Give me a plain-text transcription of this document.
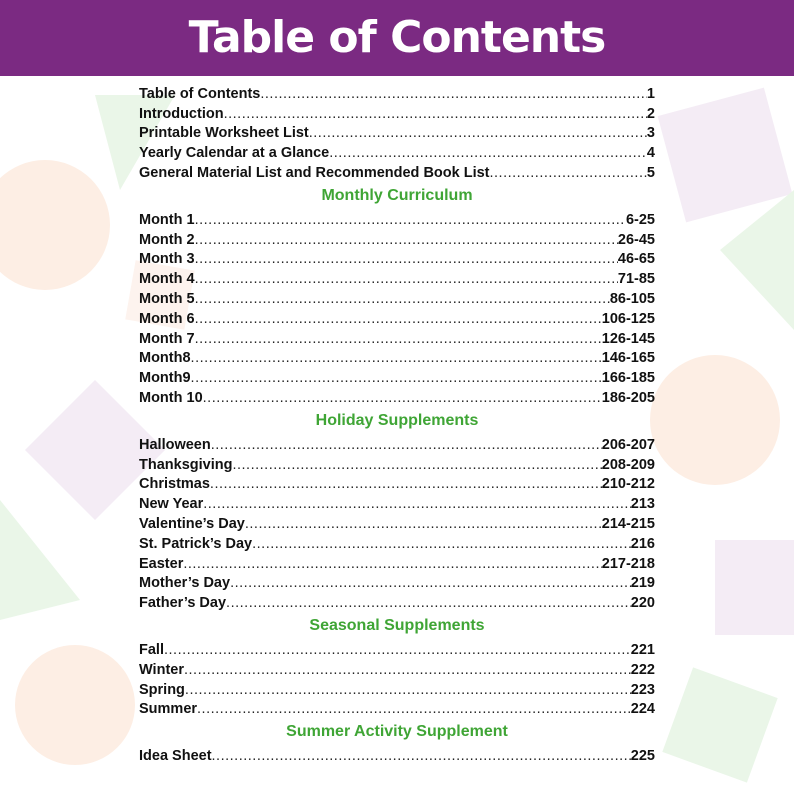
Table of Contents
Table of Contents .....	1
Introduction .....	2
Printable Worksheet List .....	3
Yearly Calendar at a Glance .....	4
General Material List and Recommended Book List .....	5
Monthly Curriculum
Month 1 .....	6-25
Month 2 .....	26-45
Month 3 .....	46-65
Month 4 .....	71-85
Month 5 .....	86-105
Month 6 .....	106-125
Month 7 .....	126-145
Month8 .....	146-165
Month9 .....	166-185
Month 10 .....	186-205
Holiday Supplements
Halloween .....	206-207
Thanksgiving .....	208-209
Christmas .....	210-212
New Year .....	213
Valentine’s Day .....	214-215
St. Patrick’s Day .....	216
Easter .....	217-218
Mother’s Day .....	219
Father’s Day .....	220
Seasonal Supplements
Fall .....	221
Winter .....	222
Spring .....	223
Summer .....	224
Summer Activity Supplement
Idea Sheet .....	225
